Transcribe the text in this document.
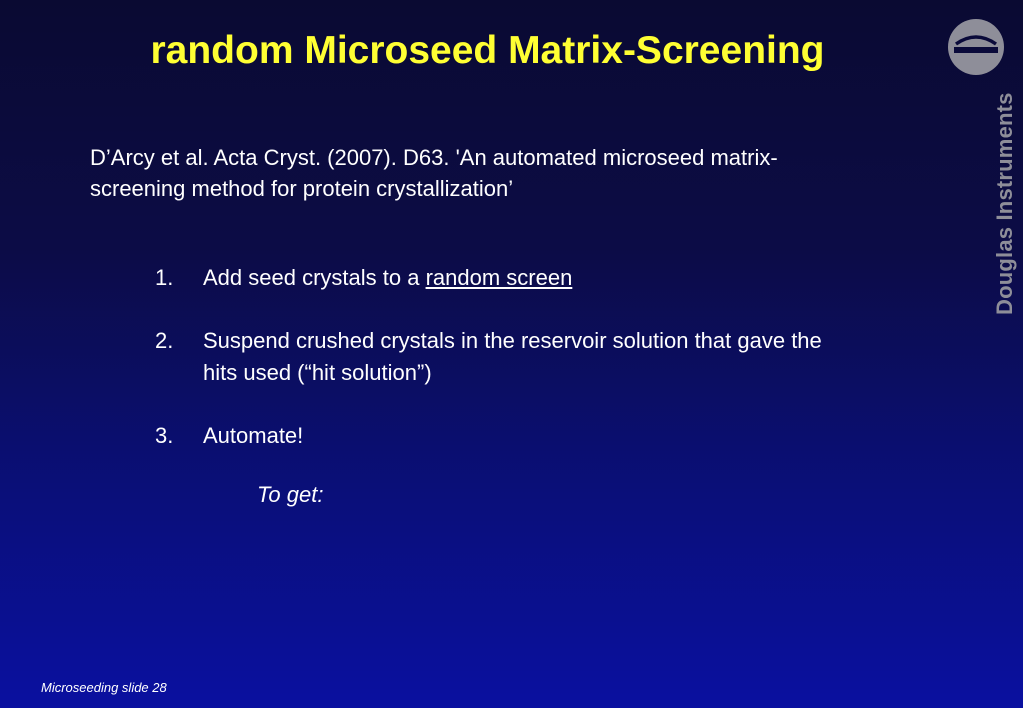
random Microseed Matrix-Screening
D’Arcy et al. Acta Cryst. (2007). D63. 'An automated microseed matrix-screening method for protein crystallization’
1. Add seed crystals to a random screen
2. Suspend crushed crystals in the reservoir solution that gave the hits used (“hit solution”)
3. Automate!
To get:
Microseeding slide 28
Douglas Instruments
